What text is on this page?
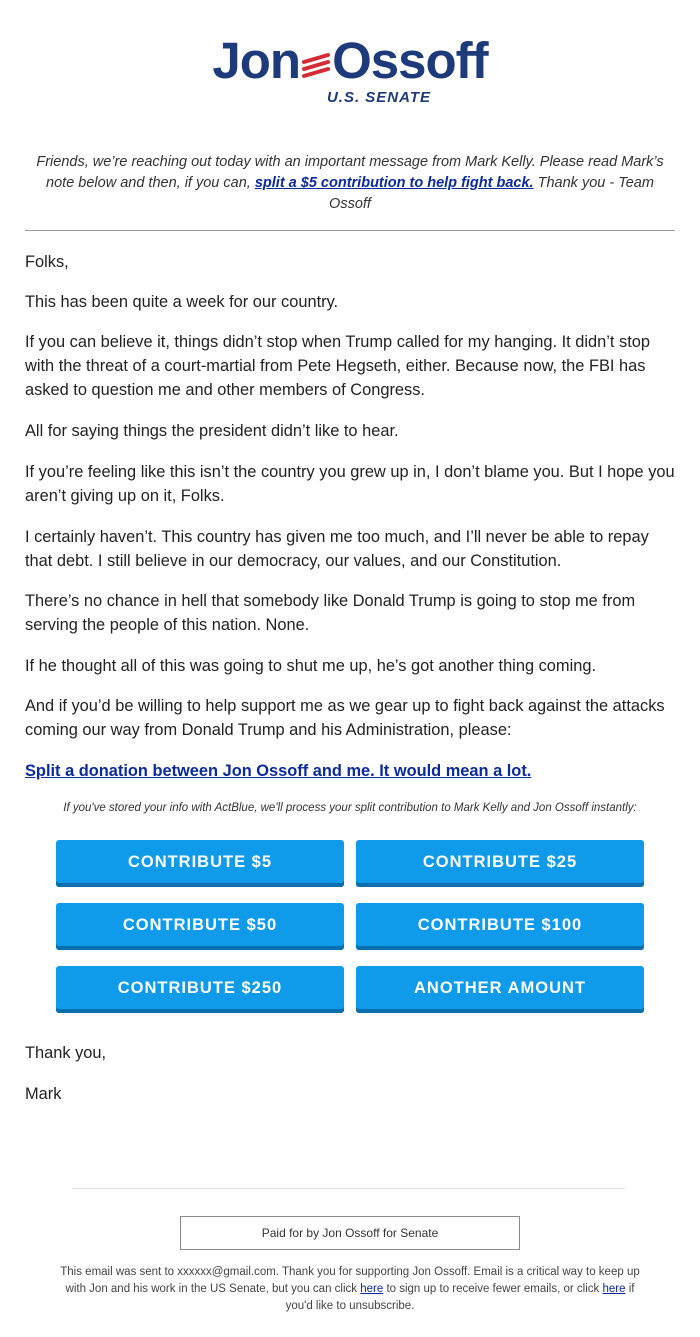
Jon Ossoff
U.S. SENATE
Friends, we’re reaching out today with an important message from Mark Kelly. Please read Mark’s note below and then, if you can, split a $5 contribution to help fight back. Thank you - Team Ossoff

Folks,

This has been quite a week for our country.

If you can believe it, things didn’t stop when Trump called for my hanging. It didn’t stop with the threat of a court-martial from Pete Hegseth, either. Because now, the FBI has asked to question me and other members of Congress.

All for saying things the president didn’t like to hear.

If you’re feeling like this isn’t the country you grew up in, I don’t blame you. But I hope you aren’t giving up on it, Folks.

I certainly haven’t. This country has given me too much, and I’ll never be able to repay that debt. I still believe in our democracy, our values, and our Constitution.

There’s no chance in hell that somebody like Donald Trump is going to stop me from serving the people of this nation. None.

If he thought all of this was going to shut me up, he’s got another thing coming.

And if you’d be willing to help support me as we gear up to fight back against the attacks coming our way from Donald Trump and his Administration, please:

Split a donation between Jon Ossoff and me. It would mean a lot.
If you've stored your info with ActBlue, we'll process your split contribution to Mark Kelly and Jon Ossoff instantly:
CONTRIBUTE $5	CONTRIBUTE $25
CONTRIBUTE $50	CONTRIBUTE $100
CONTRIBUTE $250	ANOTHER AMOUNT

Thank you,

Mark

Paid for by Jon Ossoff for Senate
This email was sent to xxxxxx@gmail.com. Thank you for supporting Jon Ossoff. Email is a critical way to keep up with Jon and his work in the US Senate, but you can click here to sign up to receive fewer emails, or click here if you'd like to unsubscribe.
